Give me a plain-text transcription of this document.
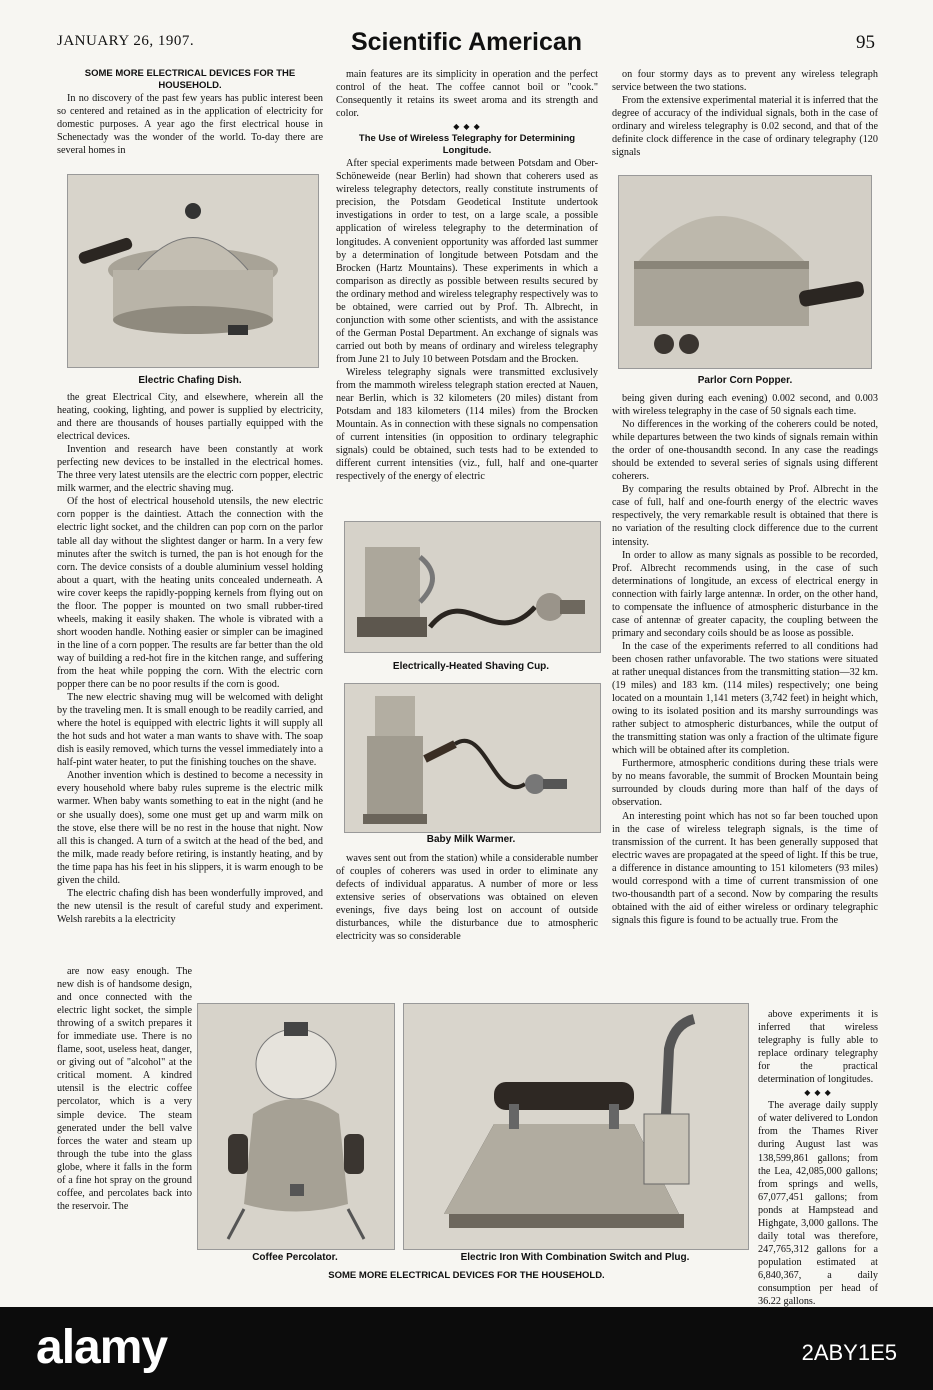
JANUARY 26, 1907.	Scientific American	95

SOME MORE ELECTRICAL DEVICES FOR THE HOUSEHOLD.

In no discovery of the past few years has public interest been so centered and retained as in the application of electricity for domestic purposes. A year ago the first electrical house in Schenectady was the wonder of the world. To-day there are several homes in

Electric Chafing Dish.

the great Electrical City, and elsewhere, wherein all the heating, cooking, lighting, and power is supplied by electricity, and there are thousands of houses partially equipped with the electrical devices.

Invention and research have been constantly at work perfecting new devices to be installed in the electrical homes. The three very latest utensils are the electric corn popper, electric milk warmer, and the electric shaving mug.

Of the host of electrical household utensils, the new electric corn popper is the daintiest. Attach the connection with the electric light socket, and the children can pop corn on the parlor table all day without the slightest danger or harm. In a very few minutes after the switch is turned, the pan is hot enough for the corn. The device consists of a double aluminium vessel holding about a quart, with the heating units concealed underneath. A wire cover keeps the rapidly-popping kernels from flying out on the floor. The popper is mounted on two small rubber-tired wheels, making it easily shaken. The whole is vibrated with a short wooden handle. Nothing easier or simpler can be imagined in the line of a corn popper. The results are far better than the old way of building a red-hot fire in the kitchen range, and suffering from the heat while popping the corn. With the electric corn popper there can be no poor results if the corn is good.

The new electric shaving mug will be welcomed with delight by the traveling men. It is small enough to be readily carried, and where the hotel is equipped with electric lights it will supply all the hot suds and hot water a man wants to shave with. The soap dish is easily removed, which turns the vessel immediately into a half-pint water heater, to put the finishing touches on the shave.

Another invention which is destined to become a necessity in every household where baby rules supreme is the electric milk warmer. When baby wants something to eat in the night (and he or she usually does), some one must get up and warm milk on the stove, else there will be no rest in the house that night. Now all this is changed. A turn of a switch at the head of the bed, and the milk, made ready before retiring, is instantly heating, and by the time papa has his feet in his slippers, it is warm enough to be given the child.

The electric chafing dish has been wonderfully improved, and the new utensil is the result of careful study and experiment. Welsh rarebits a la electricity

are now easy enough. The new dish is of handsome design, and once connected with the electric light socket, the simple throwing of a switch prepares it for immediate use. There is no flame, soot, useless heat, danger, or giving out of "alcohol" at the critical moment. A kindred utensil is the electric coffee percolator, which is a very simple device. The steam generated under the bell valve forces the water and steam up through the tube into the glass globe, where it falls in the form of a fine hot spray on the ground coffee, and percolates back into the reservoir. The

main features are its simplicity in operation and the perfect control of the heat. The coffee cannot boil or "cook." Consequently it retains its sweet aroma and its strength and color.

◆ ◆ ◆

The Use of Wireless Telegraphy for Determining Longitude.

After special experiments made between Potsdam and Ober-Schöneweide (near Berlin) had shown that coherers used as wireless telegraphy detectors, really constitute instruments of precision, the Potsdam Geodetical Institute undertook investigations in order to test, on a large scale, a possible application of wireless telegraphy to the determination of longitudes. A convenient opportunity was afforded last summer by a determination of longitude between Potsdam and the Brocken (Hartz Mountains). These experiments in which a comparison as directly as possible between results secured by the ordinary method and wireless telegraphy respectively was to be obtained, were carried out by Prof. Th. Albrecht, in conjunction with some other scientists, and with the assistance of the German Postal Department. An exchange of signals was carried out both by means of ordinary and wireless telegraphy from June 21 to July 10 between Potsdam and the Brocken.

Wireless telegraphy signals were transmitted exclusively from the mammoth wireless telegraph station erected at Nauen, near Berlin, which is 32 kilometers (20 miles) distant from Potsdam and 183 kilometers (114 miles) from the Brocken Mountain. As in connection with these signals no compensation of current intensities (in opposition to ordinary telegraphic signals) could be obtained, such tests had to be extended to different current intensities (viz., full, half and one-quarter respectively of the energy of electric

Electrically-Heated Shaving Cup.
Baby Milk Warmer.

waves sent out from the station) while a considerable number of couples of coherers was used in order to eliminate any defects of individual apparatus. A number of more or less extensive series of observations was obtained on eleven evenings, five days being lost on account of outside disturbances, while the disturbance due to atmospheric electricity was so considerable

on four stormy days as to prevent any wireless telegraph service between the two stations.

From the extensive experimental material it is inferred that the degree of accuracy of the individual signals, both in the case of ordinary and wireless telegraphy is 0.02 second, and that of the definite clock difference in the case of ordinary telegraphy (120 signals

Parlor Corn Popper.

being given during each evening) 0.002 second, and 0.003 with wireless telegraphy in the case of 50 signals each time.

No differences in the working of the coherers could be noted, while departures between the two kinds of signals remain within the order of one-thousandth second. In any case the readings should be extended to several series of signals using different coherers.

By comparing the results obtained by Prof. Albrecht in the case of full, half and one-fourth energy of the electric waves respectively, the very remarkable result is obtained that there is no variation of the resulting clock difference due to the current intensity.

In order to allow as many signals as possible to be recorded, Prof. Albrecht recommends using, in the case of such determinations of longitude, an excess of electrical energy in connection with fairly large antennæ. In order, on the other hand, to compensate the influence of atmospheric disturbance in the case of antennæ of greater capacity, the coupling between the primary and secondary coils should be as loose as possible.

In the case of the experiments referred to all conditions had been chosen rather unfavorable. The two stations were situated at rather unequal distances from the transmitting station—32 km. (19 miles) and 183 km. (114 miles) respectively; one being located on a mountain 1,141 meters (3,742 feet) in height which, owing to its isolated position and its marshy surroundings was rather subject to atmospheric disturbances, while the output of the transmitting station was only a fraction of the ultimate figure which will be obtained after its completion.

Furthermore, atmospheric conditions during these trials were by no means favorable, the summit of Brocken Mountain being surrounded by clouds during more than half of the days of observation.

An interesting point which has not so far been touched upon in the case of wireless telegraph signals, is the time of transmission of the current. It has been generally supposed that electric waves are propagated at the speed of light. If this be true, a difference in distance amounting to 151 kilometers (93 miles) would correspond with a time of current transmission of one two-thousandth part of a second. Now by comparing the results obtained with the aid of either wireless or ordinary telegraphic signals this figure is found to be actually true. From the

above experiments it is inferred that wireless telegraphy is fully able to replace ordinary telegraphy for the practical determination of longitudes.

◆ ◆ ◆

The average daily supply of water delivered to London from the Thames River during August last was 138,599,861 gallons; from the Lea, 42,085,000 gallons; from springs and wells, 67,077,451 gallons; from ponds at Hampstead and Highgate, 3,000 gallons. The daily total was therefore, 247,765,312 gallons for a population estimated at 6,840,367, a daily consumption per head of 36.22 gallons.

Coffee Percolator.	Electric Iron With Combination Switch and Plug.
SOME MORE ELECTRICAL DEVICES FOR THE HOUSEHOLD.
alamy	2ABY1E5
